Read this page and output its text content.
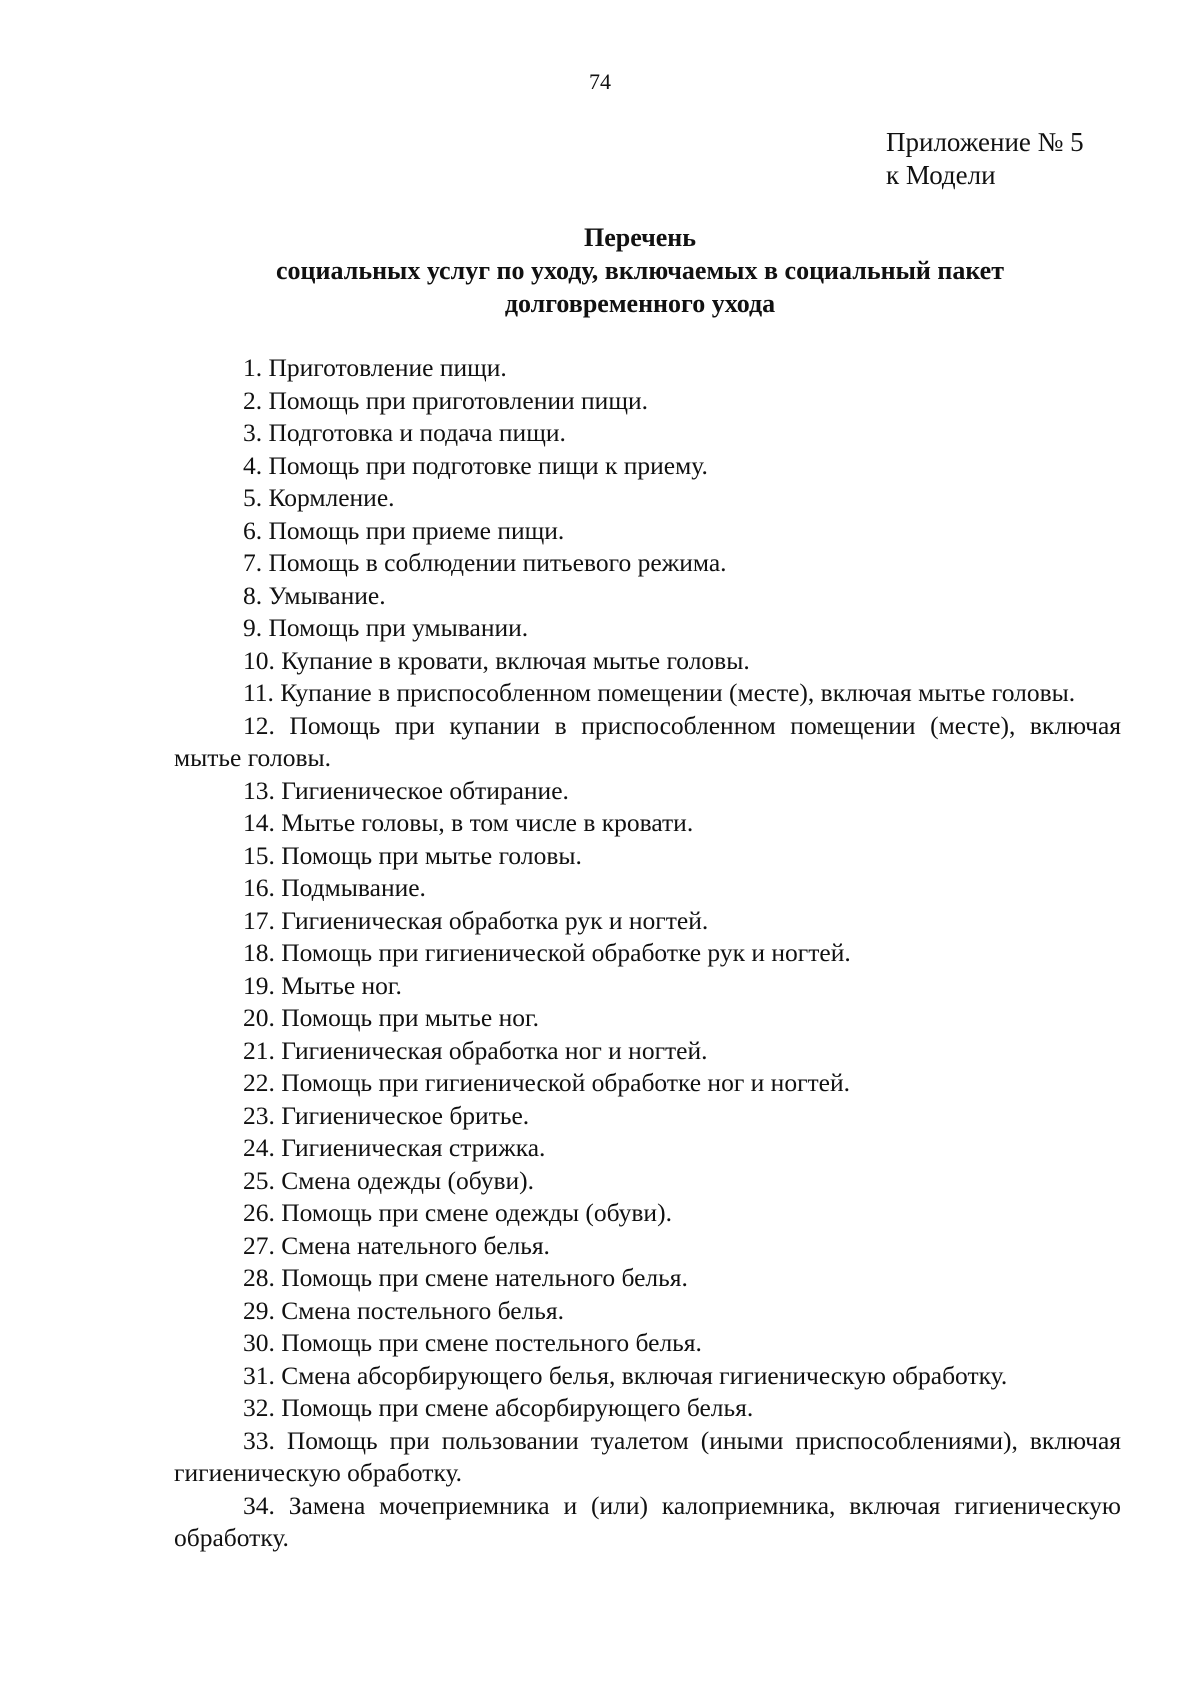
74
Приложение № 5
к Модели
Перечень
социальных услуг по уходу, включаемых в социальный пакет
долговременного ухода
1. Приготовление пищи.
2. Помощь при приготовлении пищи.
3. Подготовка и подача пищи.
4. Помощь при подготовке пищи к приему.
5. Кормление.
6. Помощь при приеме пищи.
7. Помощь в соблюдении питьевого режима.
8. Умывание.
9. Помощь при умывании.
10. Купание в кровати, включая мытье головы.
11. Купание в приспособленном помещении (месте), включая мытье головы.
12. Помощь при купании в приспособленном помещении (месте), включая мытье головы.
13. Гигиеническое обтирание.
14. Мытье головы, в том числе в кровати.
15. Помощь при мытье головы.
16. Подмывание.
17. Гигиеническая обработка рук и ногтей.
18. Помощь при гигиенической обработке рук и ногтей.
19. Мытье ног.
20. Помощь при мытье ног.
21. Гигиеническая обработка ног и ногтей.
22. Помощь при гигиенической обработке ног и ногтей.
23. Гигиеническое бритье.
24. Гигиеническая стрижка.
25. Смена одежды (обуви).
26. Помощь при смене одежды (обуви).
27. Смена нательного белья.
28. Помощь при смене нательного белья.
29. Смена постельного белья.
30. Помощь при смене постельного белья.
31. Смена абсорбирующего белья, включая гигиеническую обработку.
32. Помощь при смене абсорбирующего белья.
33. Помощь при пользовании туалетом (иными приспособлениями), включая гигиеническую обработку.
34. Замена мочеприемника и (или) калоприемника, включая гигиеническую обработку.
